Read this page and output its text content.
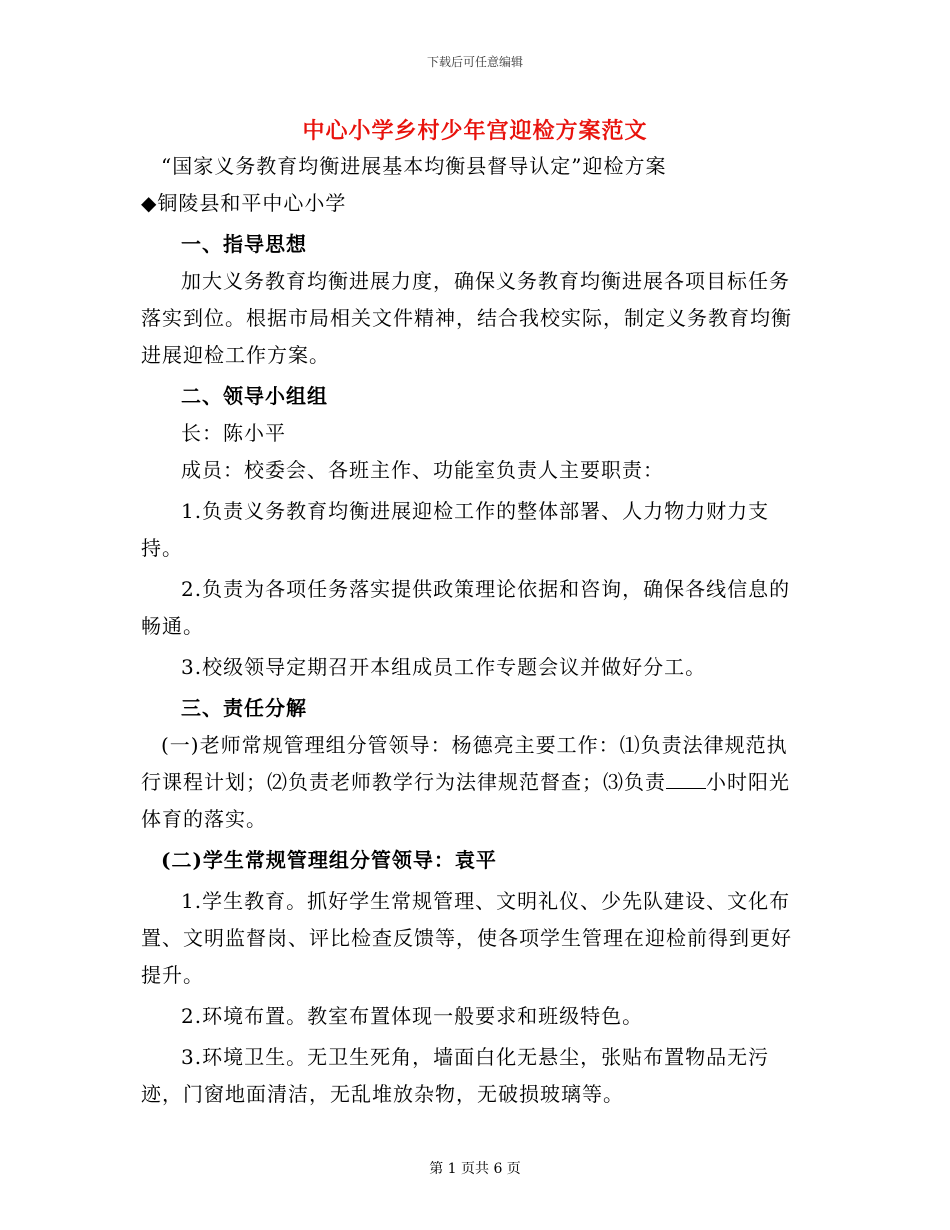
下载后可任意编辑
中心小学乡村少年宫迎检方案范文

“国家义务教育均衡进展基本均衡县督导认定”迎检方案

◆铜陵县和平中心小学

一、指导思想

加大义务教育均衡进展力度，确保义务教育均衡进展各项目标任务落实到位。根据市局相关文件精神，结合我校实际，制定义务教育均衡进展迎检工作方案。

二、领导小组组

长：陈小平

成员：校委会、各班主作、功能室负责人主要职责：

1.负责义务教育均衡进展迎检工作的整体部署、人力物力财力支持。

2.负责为各项任务落实提供政策理论依据和咨询，确保各线信息的畅通。

3.校级领导定期召开本组成员工作专题会议并做好分工。

三、责任分解

(一)老师常规管理组分管领导：杨德亮主要工作：⑴负责法律规范执行课程计划；⑵负责老师教学行为法律规范督查；⑶负责 小时阳光体育的落实。

(二)学生常规管理组分管领导：袁平

1.学生教育。抓好学生常规管理、文明礼仪、少先队建设、文化布置、文明监督岗、评比检查反馈等，使各项学生管理在迎检前得到更好提升。

2.环境布置。教室布置体现一般要求和班级特色。

3.环境卫生。无卫生死角，墙面白化无悬尘，张贴布置物品无污迹，门窗地面清洁，无乱堆放杂物，无破损玻璃等。

第 1 页共 6 页
